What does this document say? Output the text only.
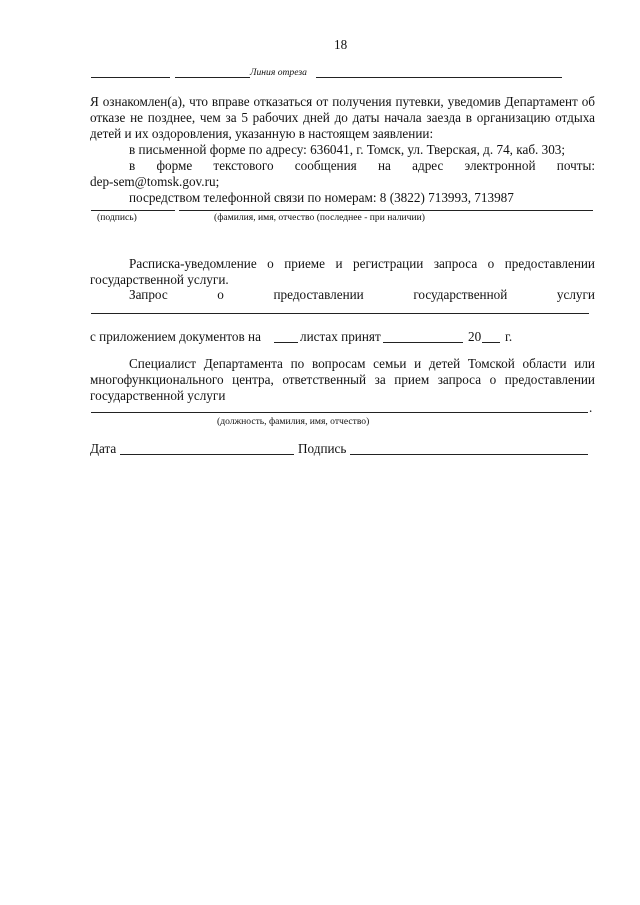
18
Линия отреза
Я ознакомлен(а), что вправе отказаться от получения путевки, уведомив Департамент об
отказе не позднее, чем за 5 рабочих дней до даты начала заезда в организацию отдыха
детей и их оздоровления, указанную в настоящем заявлении:
в письменной форме по адресу: 636041, г. Томск, ул. Тверская, д. 74, каб. 303;
в форме текстового сообщения на адрес электронной почты:
dep-sem@tomsk.gov.ru;
посредством телефонной связи по номерам: 8 (3822) 713993, 713987
(подпись)	(фамилия, имя, отчество (последнее - при наличии)
Расписка-уведомление о приеме и регистрации запроса о предоставлении
государственной услуги.
Запрос о предоставлении государственной услуги
с приложением документов на	листах принят	20 г.
Специалист Департамента по вопросам семьи и детей Томской области или
многофункционального центра, ответственный за прием запроса о предоставлении
государственной услуги
.
(должность, фамилия, имя, отчество)
Дата	Подпись
